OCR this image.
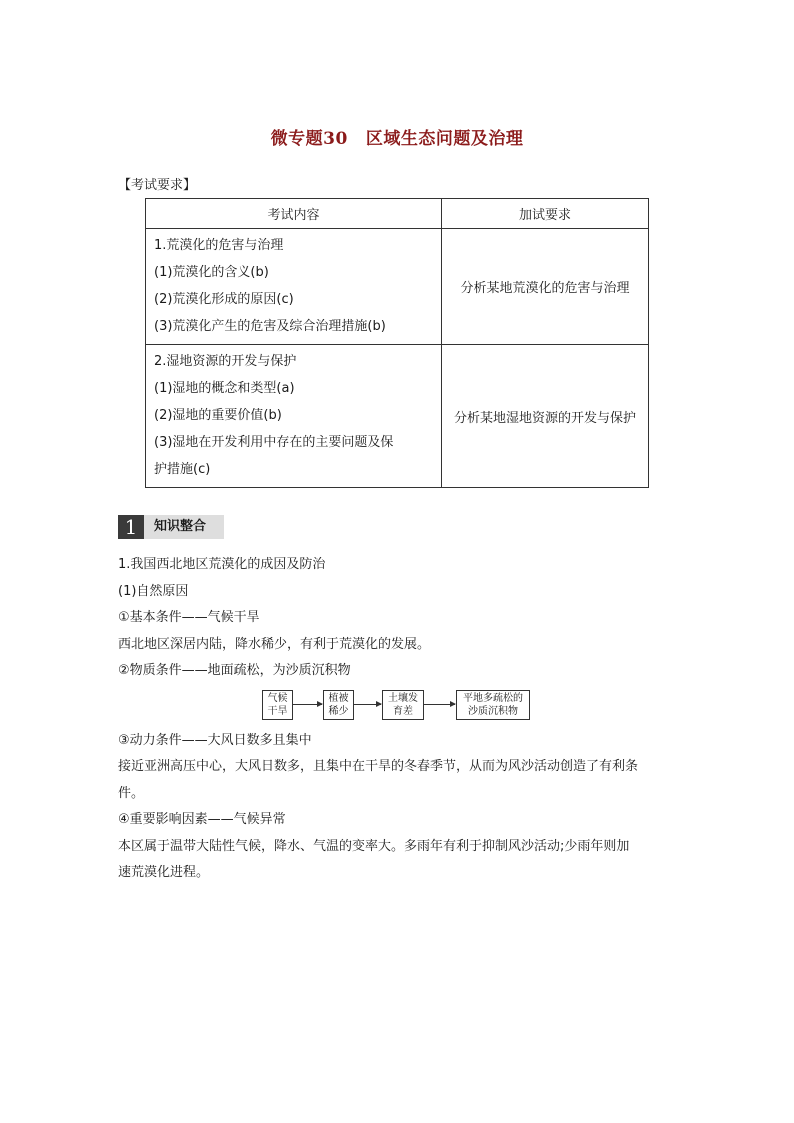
微专题30 区域生态问题及治理
【考试要求】
考试内容	加试要求

1.荒漠化的危害与治理
(1)荒漠化的含义(b)
(2)荒漠化形成的原因(c)
(3)荒漠化产生的危害及综合治理措施(b)	分析某地荒漠化的危害与治理

2.湿地资源的开发与保护
(1)湿地的概念和类型(a)
(2)湿地的重要价值(b)
(3)湿地在开发利用中存在的主要问题及保
护措施(c)	分析某地湿地资源的开发与保护
1	知识整合
1.我国西北地区荒漠化的成因及防治
(1)自然原因
①基本条件——气候干旱
西北地区深居内陆，降水稀少，有利于荒漠化的发展。
②物质条件——地面疏松，为沙质沉积物
气候
干旱
植被
稀少
土壤发
育差
平地多疏松的
沙质沉积物
③动力条件——大风日数多且集中
接近亚洲高压中心，大风日数多，且集中在干旱的冬春季节，从而为风沙活动创造了有利条
件。
④重要影响因素——气候异常
本区属于温带大陆性气候，降水、气温的变率大。多雨年有利于抑制风沙活动;少雨年则加
速荒漠化进程。
